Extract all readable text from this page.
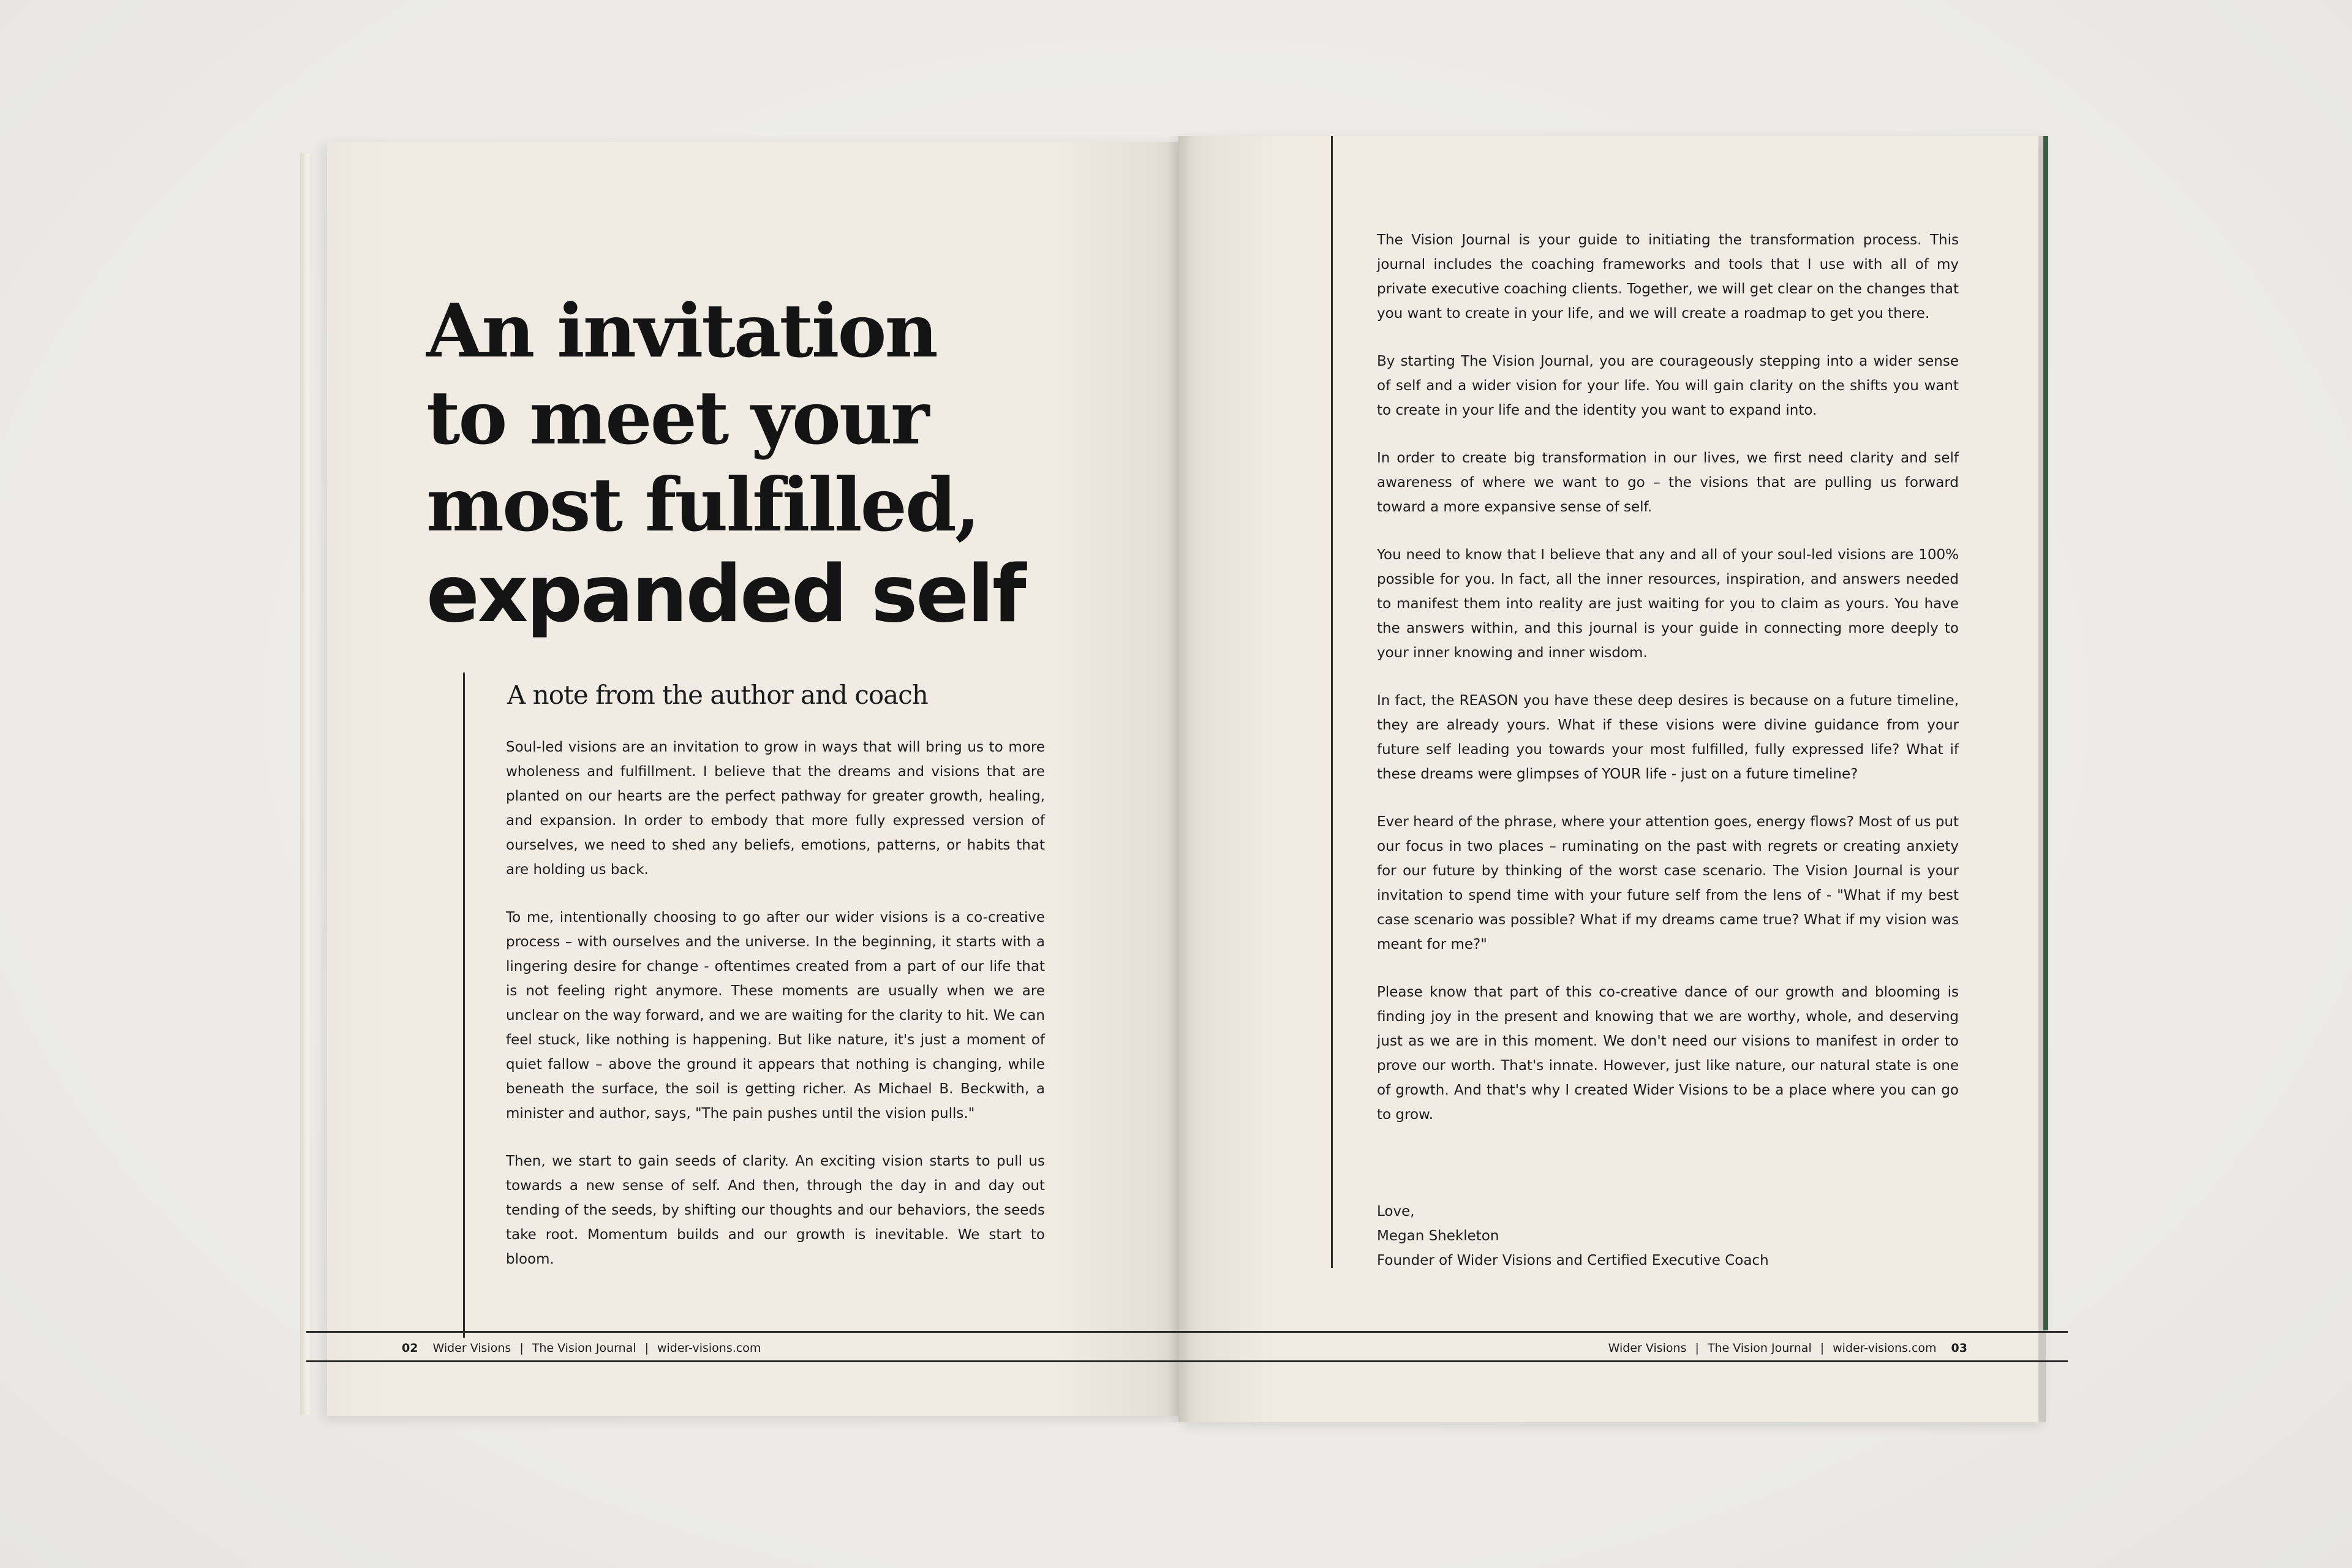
An invitation
to meet your
most fulfilled,
expanded self
A note from the author and coach

Soul-led visions are an invitation to grow in ways that will bring us to more wholeness and fulfillment. I believe that the dreams and visions that are planted on our hearts are the perfect pathway for greater growth, healing, and expansion. In order to embody that more fully expressed version of ourselves, we need to shed any beliefs, emotions, patterns, or habits that are holding us back.

To me, intentionally choosing to go after our wider visions is a co-creative process – with ourselves and the universe. In the beginning, it starts with a lingering desire for change - oftentimes created from a part of our life that is not feeling right anymore. These moments are usually when we are unclear on the way forward, and we are waiting for the clarity to hit. We can feel stuck, like nothing is happening. But like nature, it's just a moment of quiet fallow – above the ground it appears that nothing is changing, while beneath the surface, the soil is getting richer. As Michael B. Beckwith, a minister and author, says, "The pain pushes until the vision pulls."

Then, we start to gain seeds of clarity. An exciting vision starts to pull us towards a new sense of self. And then, through the day in and day out tending of the seeds, by shifting our thoughts and our behaviors, the seeds take root. Momentum builds and our growth is inevitable. We start to bloom.

The Vision Journal is your guide to initiating the transformation process. This journal includes the coaching frameworks and tools that I use with all of my private executive coaching clients. Together, we will get clear on the changes that you want to create in your life, and we will create a roadmap to get you there.

By starting The Vision Journal, you are courageously stepping into a wider sense of self and a wider vision for your life. You will gain clarity on the shifts you want to create in your life and the identity you want to expand into.

In order to create big transformation in our lives, we first need clarity and self awareness of where we want to go – the visions that are pulling us forward toward a more expansive sense of self.

You need to know that I believe that any and all of your soul-led visions are 100% possible for you. In fact, all the inner resources, inspiration, and answers needed to manifest them into reality are just waiting for you to claim as yours. You have the answers within, and this journal is your guide in connecting more deeply to your inner knowing and inner wisdom.

In fact, the REASON you have these deep desires is because on a future timeline, they are already yours. What if these visions were divine guidance from your future self leading you towards your most fulfilled, fully expressed life? What if these dreams were glimpses of YOUR life - just on a future timeline?

Ever heard of the phrase, where your attention goes, energy flows? Most of us put our focus in two places – ruminating on the past with regrets or creating anxiety for our future by thinking of the worst case scenario. The Vision Journal is your invitation to spend time with your future self from the lens of - "What if my best case scenario was possible? What if my dreams came true? What if my vision was meant for me?"

Please know that part of this co-creative dance of our growth and blooming is finding joy in the present and knowing that we are worthy, whole, and deserving just as we are in this moment. We don't need our visions to manifest in order to prove our worth. That's innate. However, just like nature, our natural state is one of growth. And that's why I created Wider Visions to be a place where you can go to grow.

Love,
Megan Shekleton
Founder of Wider Visions and Certified Executive Coach
02 Wider Visions | The Vision Journal | wider-visions.com	Wider Visions | The Vision Journal | wider-visions.com 03
